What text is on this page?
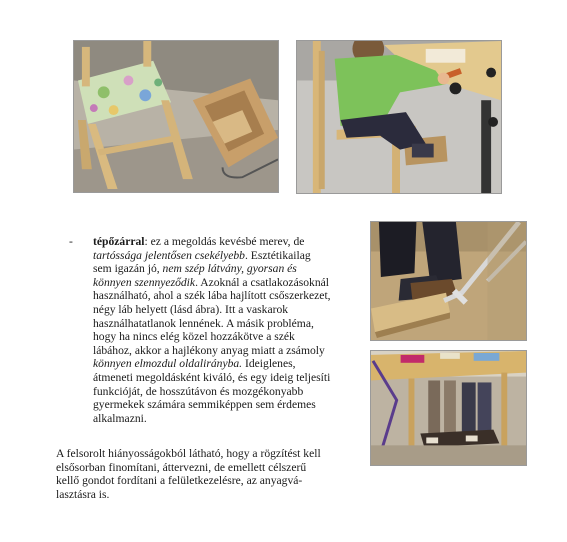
- tépőzárral: ez a megoldás kevésbé merev, de
tartóssága jelentősen csekélyebb. Esztétikailag
sem igazán jó, nem szép látvány, gyorsan és
könnyen szennyeződik. Azoknál a csatlakozásoknál
használható, ahol a szék lába hajlított csőszerkezet,
négy láb helyett (lásd ábra). Itt a vaskarok
használhatatlanok lennének. A másik probléma,
hogy ha nincs elég közel hozzákötve a szék
lábához, akkor a hajlékony anyag miatt a zsámoly
könnyen elmozdul oldalirányba. Ideiglenes,
átmeneti megoldásként kiváló, és egy ideig teljesíti
funkcióját, de hosszútávon és mozgékonyabb
gyermekek számára semmiképpen sem érdemes
alkalmazni.
A felsorolt hiányosságokból látható, hogy a rögzítést kell
elsősorban finomítani, áttervezni, de emellett célszerű
kellő gondot fordítani a felületkezelésre, az anyagvá-
lasztásra is.
